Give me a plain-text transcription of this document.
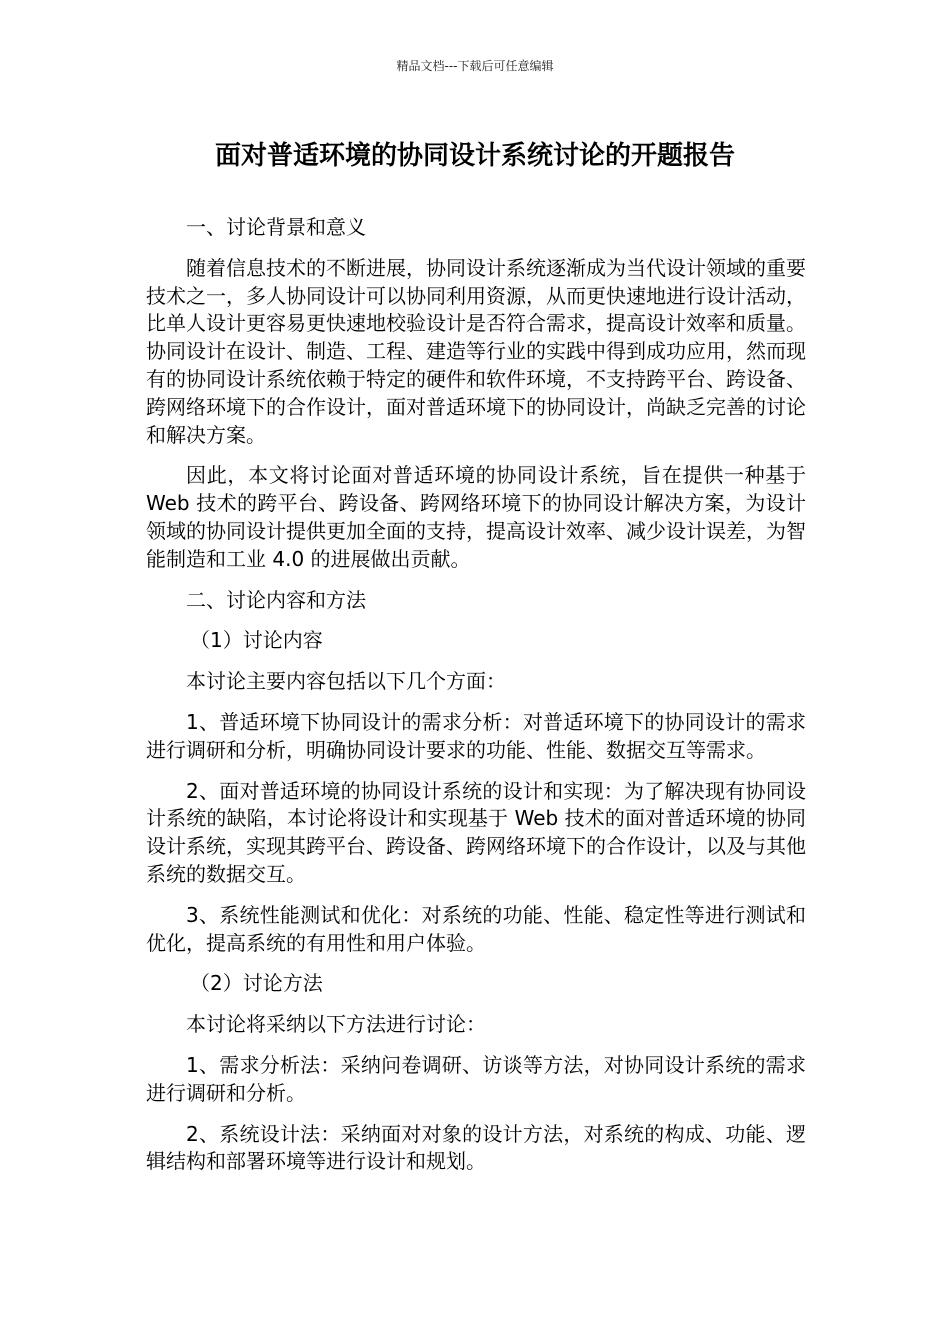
精品文档---下载后可任意编辑
面对普适环境的协同设计系统讨论的开题报告

一、讨论背景和意义

随着信息技术的不断进展，协同设计系统逐渐成为当代设计领域的重要技术之一，多人协同设计可以协同利用资源，从而更快速地进行设计活动，比单人设计更容易更快速地校验设计是否符合需求，提高设计效率和质量。协同设计在设计、制造、工程、建造等行业的实践中得到成功应用，然而现有的协同设计系统依赖于特定的硬件和软件环境，不支持跨平台、跨设备、跨网络环境下的合作设计，面对普适环境下的协同设计，尚缺乏完善的讨论和解决方案。

因此，本文将讨论面对普适环境的协同设计系统，旨在提供一种基于 Web 技术的跨平台、跨设备、跨网络环境下的协同设计解决方案，为设计领域的协同设计提供更加全面的支持，提高设计效率、减少设计误差，为智能制造和工业 4.0 的进展做出贡献。

二、讨论内容和方法

（1）讨论内容

本讨论主要内容包括以下几个方面：

1、普适环境下协同设计的需求分析：对普适环境下的协同设计的需求进行调研和分析，明确协同设计要求的功能、性能、数据交互等需求。

2、面对普适环境的协同设计系统的设计和实现：为了解决现有协同设计系统的缺陷，本讨论将设计和实现基于 Web 技术的面对普适环境的协同设计系统，实现其跨平台、跨设备、跨网络环境下的合作设计，以及与其他系统的数据交互。

3、系统性能测试和优化：对系统的功能、性能、稳定性等进行测试和优化，提高系统的有用性和用户体验。

（2）讨论方法

本讨论将采纳以下方法进行讨论：

1、需求分析法：采纳问卷调研、访谈等方法，对协同设计系统的需求进行调研和分析。

2、系统设计法：采纳面对对象的设计方法，对系统的构成、功能、逻辑结构和部署环境等进行设计和规划。
